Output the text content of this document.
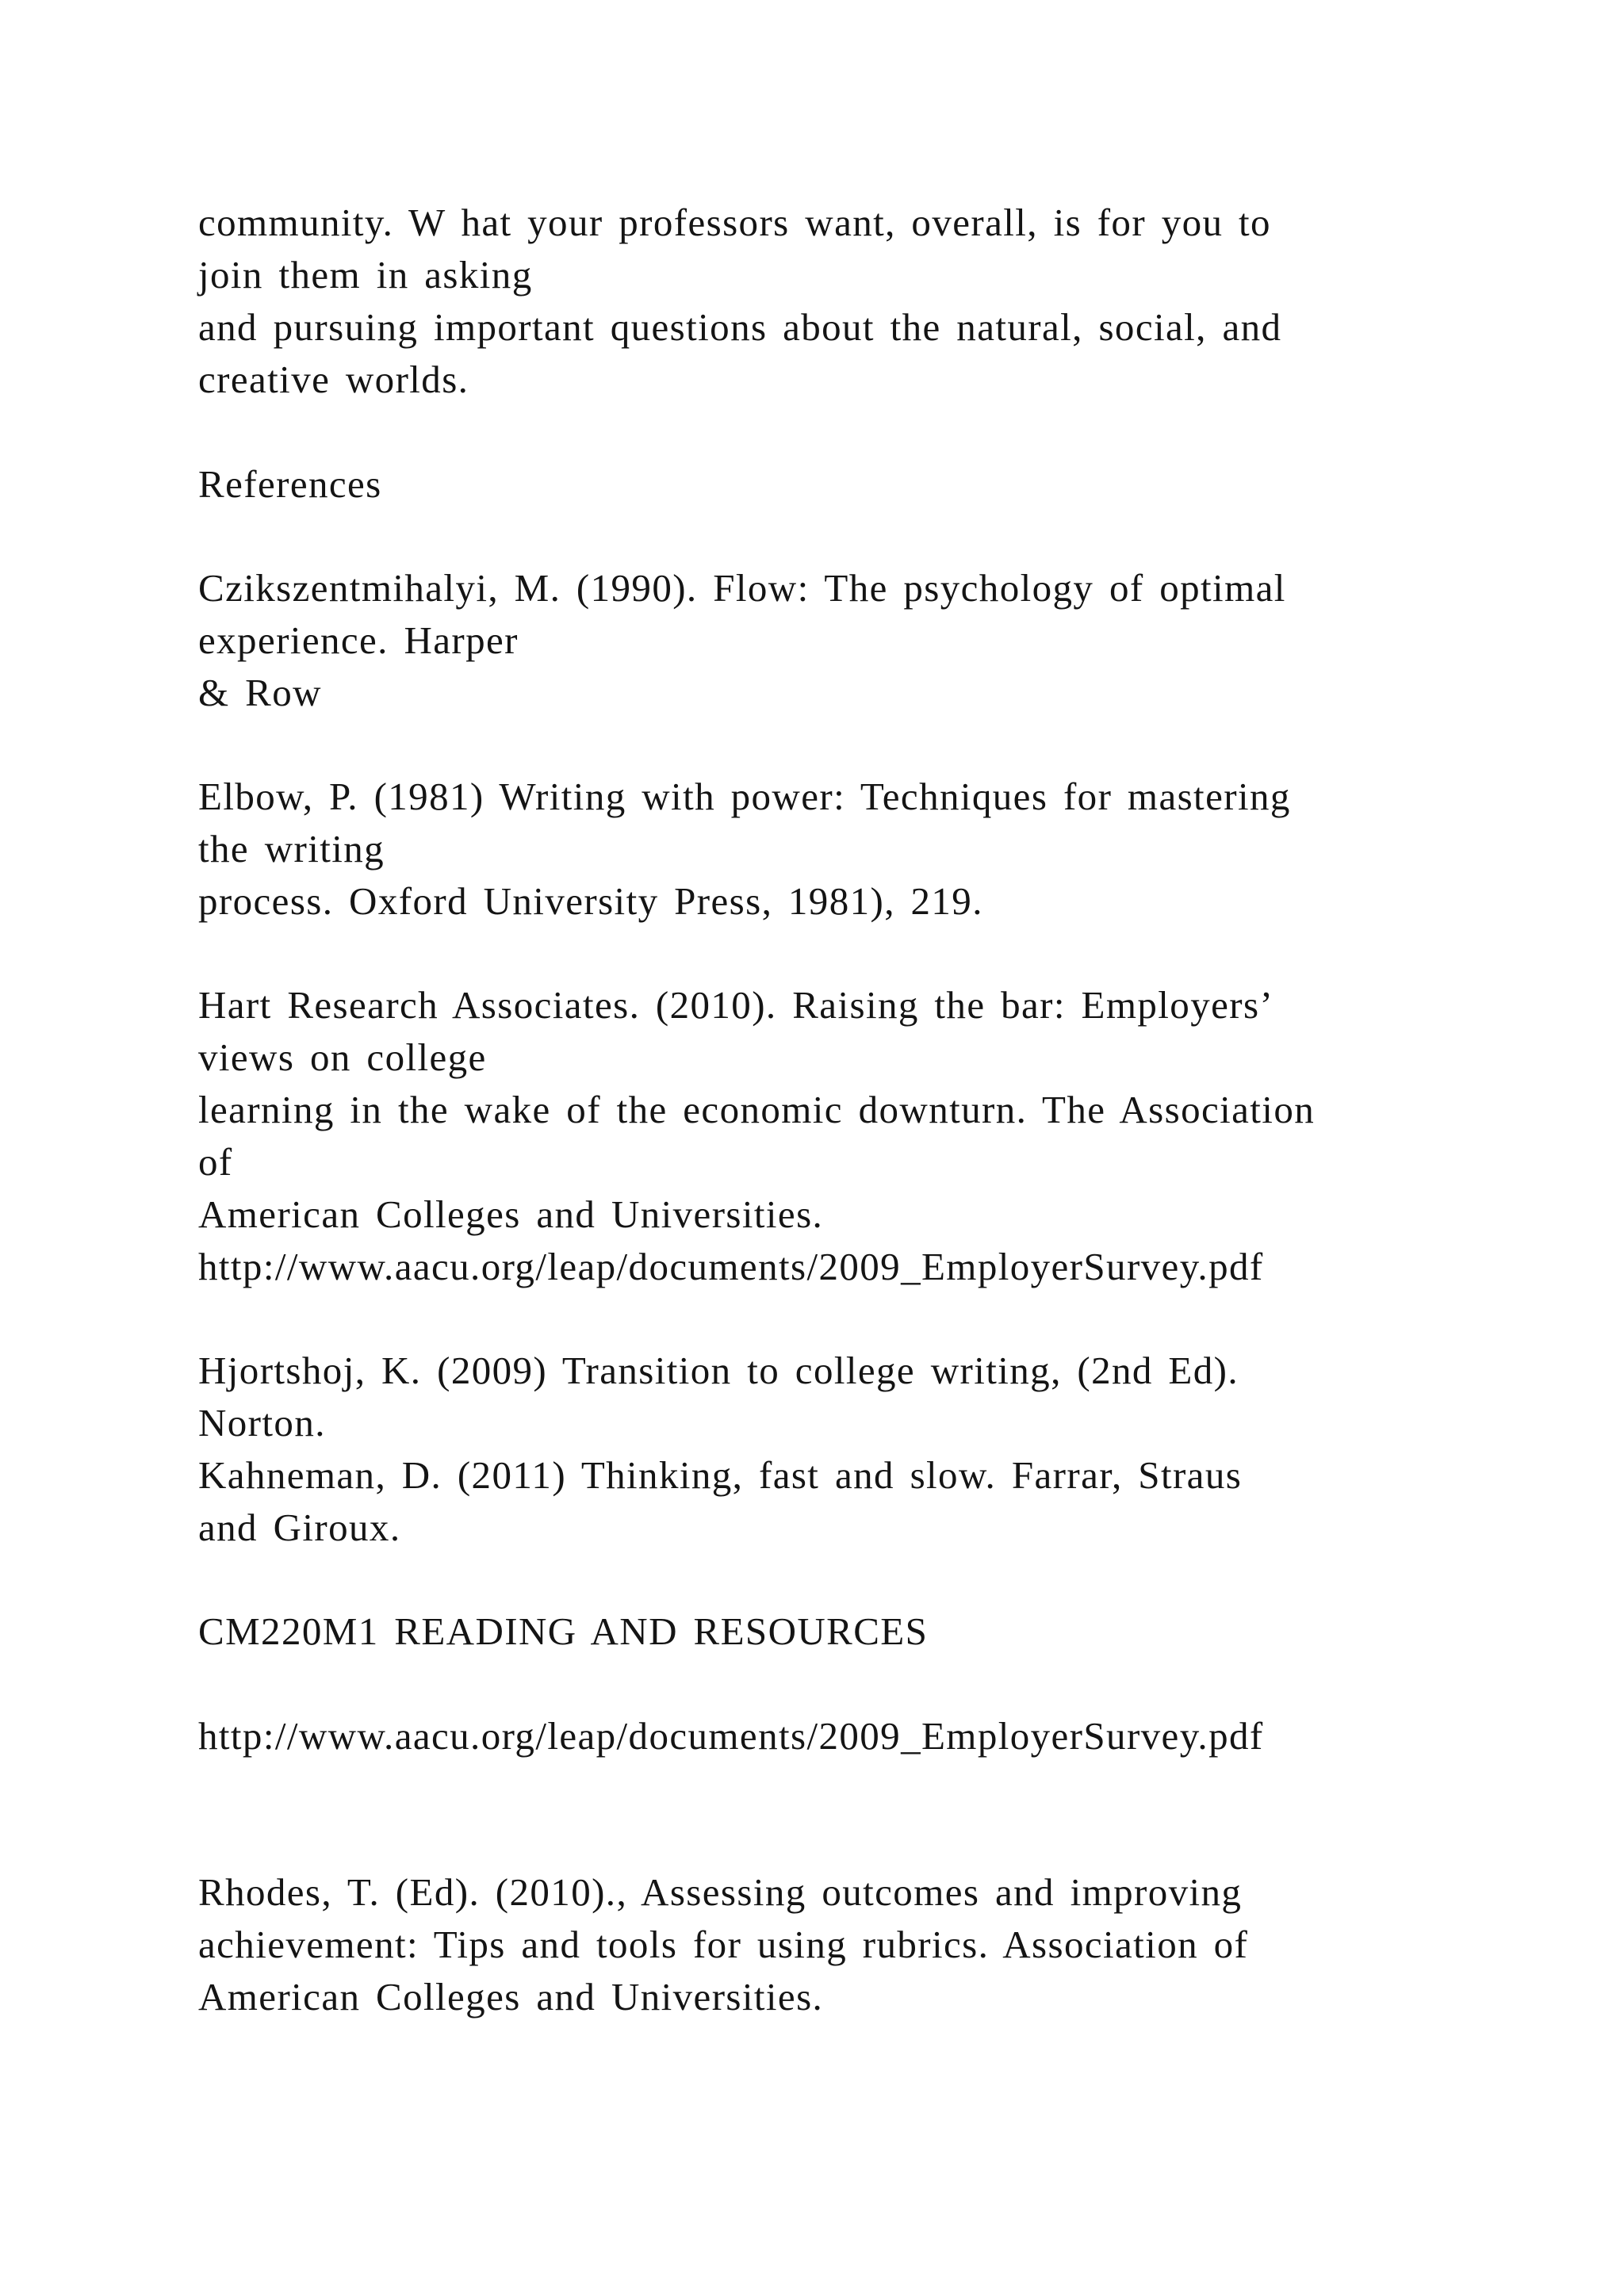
community. W hat your professors want, overall, is for you to

join them in asking

and pursuing important questions about the natural, social, and

creative worlds.

References

Czikszentmihalyi, M. (1990). Flow: The psychology of optimal

experience. Harper

& Row

Elbow, P. (1981) Writing with power: Techniques for mastering

the writing

process. Oxford University Press, 1981), 219.

Hart Research Associates. (2010). Raising the bar: Employers’

views on college

learning in the wake of the economic downturn. The Association

of

American Colleges and Universities.

http://www.aacu.org/leap/documents/2009_EmployerSurvey.pdf

Hjortshoj, K. (2009) Transition to college writing, (2nd Ed).

Norton.

Kahneman, D. (2011) Thinking, fast and slow. Farrar, Straus

and Giroux.

CM220M1 READING AND RESOURCES

http://www.aacu.org/leap/documents/2009_EmployerSurvey.pdf

Rhodes, T. (Ed). (2010)., Assessing outcomes and improving

achievement: Tips and tools for using rubrics. Association of

American Colleges and Universities.
